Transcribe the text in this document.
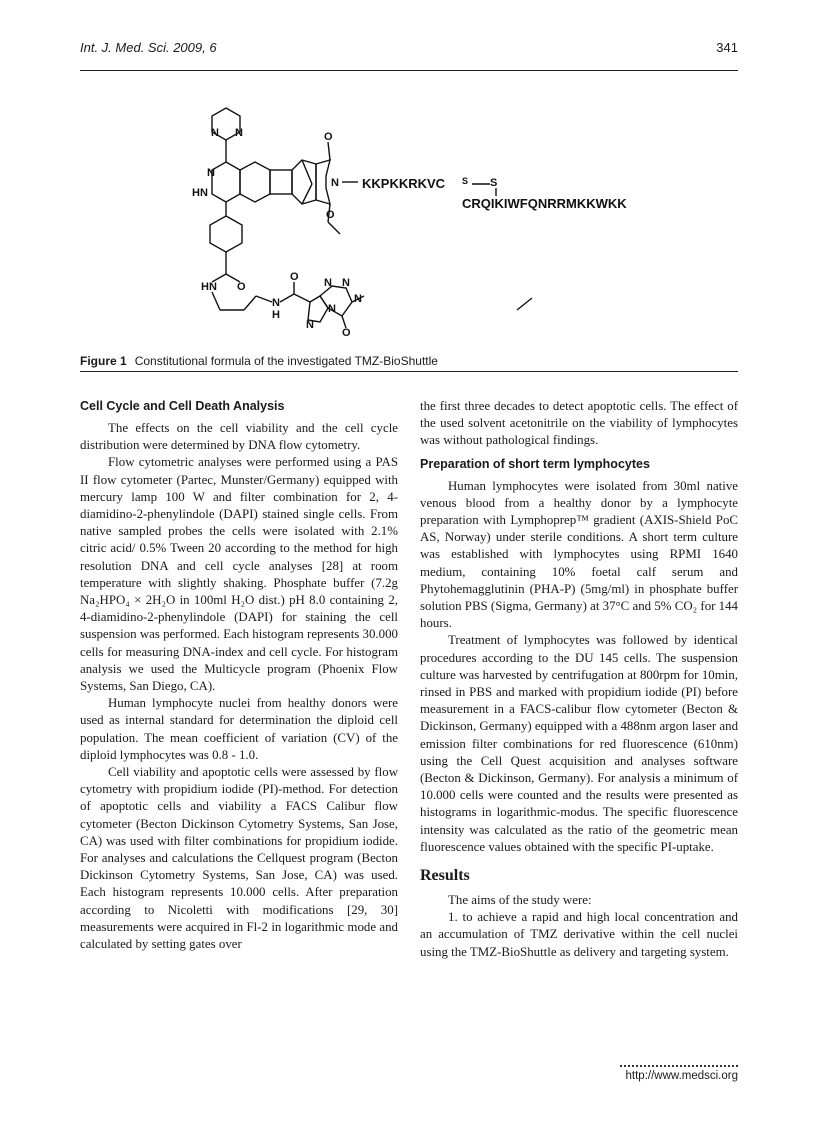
Int. J. Med. Sci. 2009, 6	341
N N
N
HN
O
N
O
HN O
O
N
H
N N
N
N
N
O
S
KKPKKRKVC S
CRQIKIWFQNRRMKKWKK
Figure 1 Constitutional formula of the investigated TMZ-BioShuttle
Cell Cycle and Cell Death Analysis

The effects on the cell viability and the cell cycle distribution were determined by DNA flow cytometry.

Flow cytometric analyses were performed using a PAS II flow cytometer (Partec, Munster/Germany) equipped with mercury lamp 100 W and filter combination for 2, 4-diamidino-2-phenylindole (DAPI) stained single cells. From native sampled probes the cells were isolated with 2.1% citric acid/ 0.5% Tween 20 according to the method for high resolution DNA and cell cycle analyses [28] at room temperature with slightly shaking. Phosphate buffer (7.2g Na₂HPO₄ × 2H₂O in 100ml H₂O dist.) pH 8.0 containing 2, 4-diamidino-2-phenylindole (DAPI) for staining the cell suspension was performed. Each histogram represents 30.000 cells for measuring DNA-index and cell cycle. For histogram analysis we used the Multicycle program (Phoenix Flow Systems, San Diego, CA).

Human lymphocyte nuclei from healthy donors were used as internal standard for determination the diploid cell population. The mean coefficient of variation (CV) of the diploid lymphocytes was 0.8 - 1.0.

Cell viability and apoptotic cells were assessed by flow cytometry with propidium iodide (PI)-method. For detection of apoptotic cells and viability a FACS Calibur flow cytometer (Becton Dickinson Cytometry Systems, San Jose, CA) was used with filter combinations for propidium iodide. For analyses and calculations the Cellquest program (Becton Dickinson Cytometry Systems, San Jose, CA) was used. Each histogram represents 10.000 cells. After preparation according to Nicoletti with modifications [29, 30] measurements were acquired in Fl-2 in logarithmic mode and calculated by setting gates over

the first three decades to detect apoptotic cells. The effect of the used solvent acetonitrile on the viability of lymphocytes was without pathological findings.

Preparation of short term lymphocytes

Human lymphocytes were isolated from 30ml native venous blood from a healthy donor by a lymphocyte preparation with Lymphoprep™ gradient (AXIS-Shield PoC AS, Norway) under sterile conditions. A short term culture was established with lymphocytes using RPMI 1640 medium, containing 10% foetal calf serum and Phytohemagglutinin (PHA-P) (5mg/ml) in phosphate buffer solution PBS (Sigma, Germany) at 37°C and 5% CO₂ for 144 hours.

Treatment of lymphocytes was followed by identical procedures according to the DU 145 cells. The suspension culture was harvested by centrifugation at 800rpm for 10min, rinsed in PBS and marked with propidium iodide (PI) before measurement in a FACS-calibur flow cytometer (Becton & Dickinson, Germany) equipped with a 488nm argon laser and emission filter combinations for red fluorescence (610nm) using the Cell Quest acquisition and analyses software (Becton & Dickinson, Germany). For analysis a minimum of 10.000 cells were counted and the results were presented as histograms in logarithmic-modus. The specific fluorescence intensity was calculated as the ratio of the geometric mean fluorescence values obtained with the specific PI-uptake.

Results

The aims of the study were:

1. to achieve a rapid and high local concentration and an accumulation of TMZ derivative within the cell nuclei using the TMZ-BioShuttle as delivery and targeting system.

http://www.medsci.org
